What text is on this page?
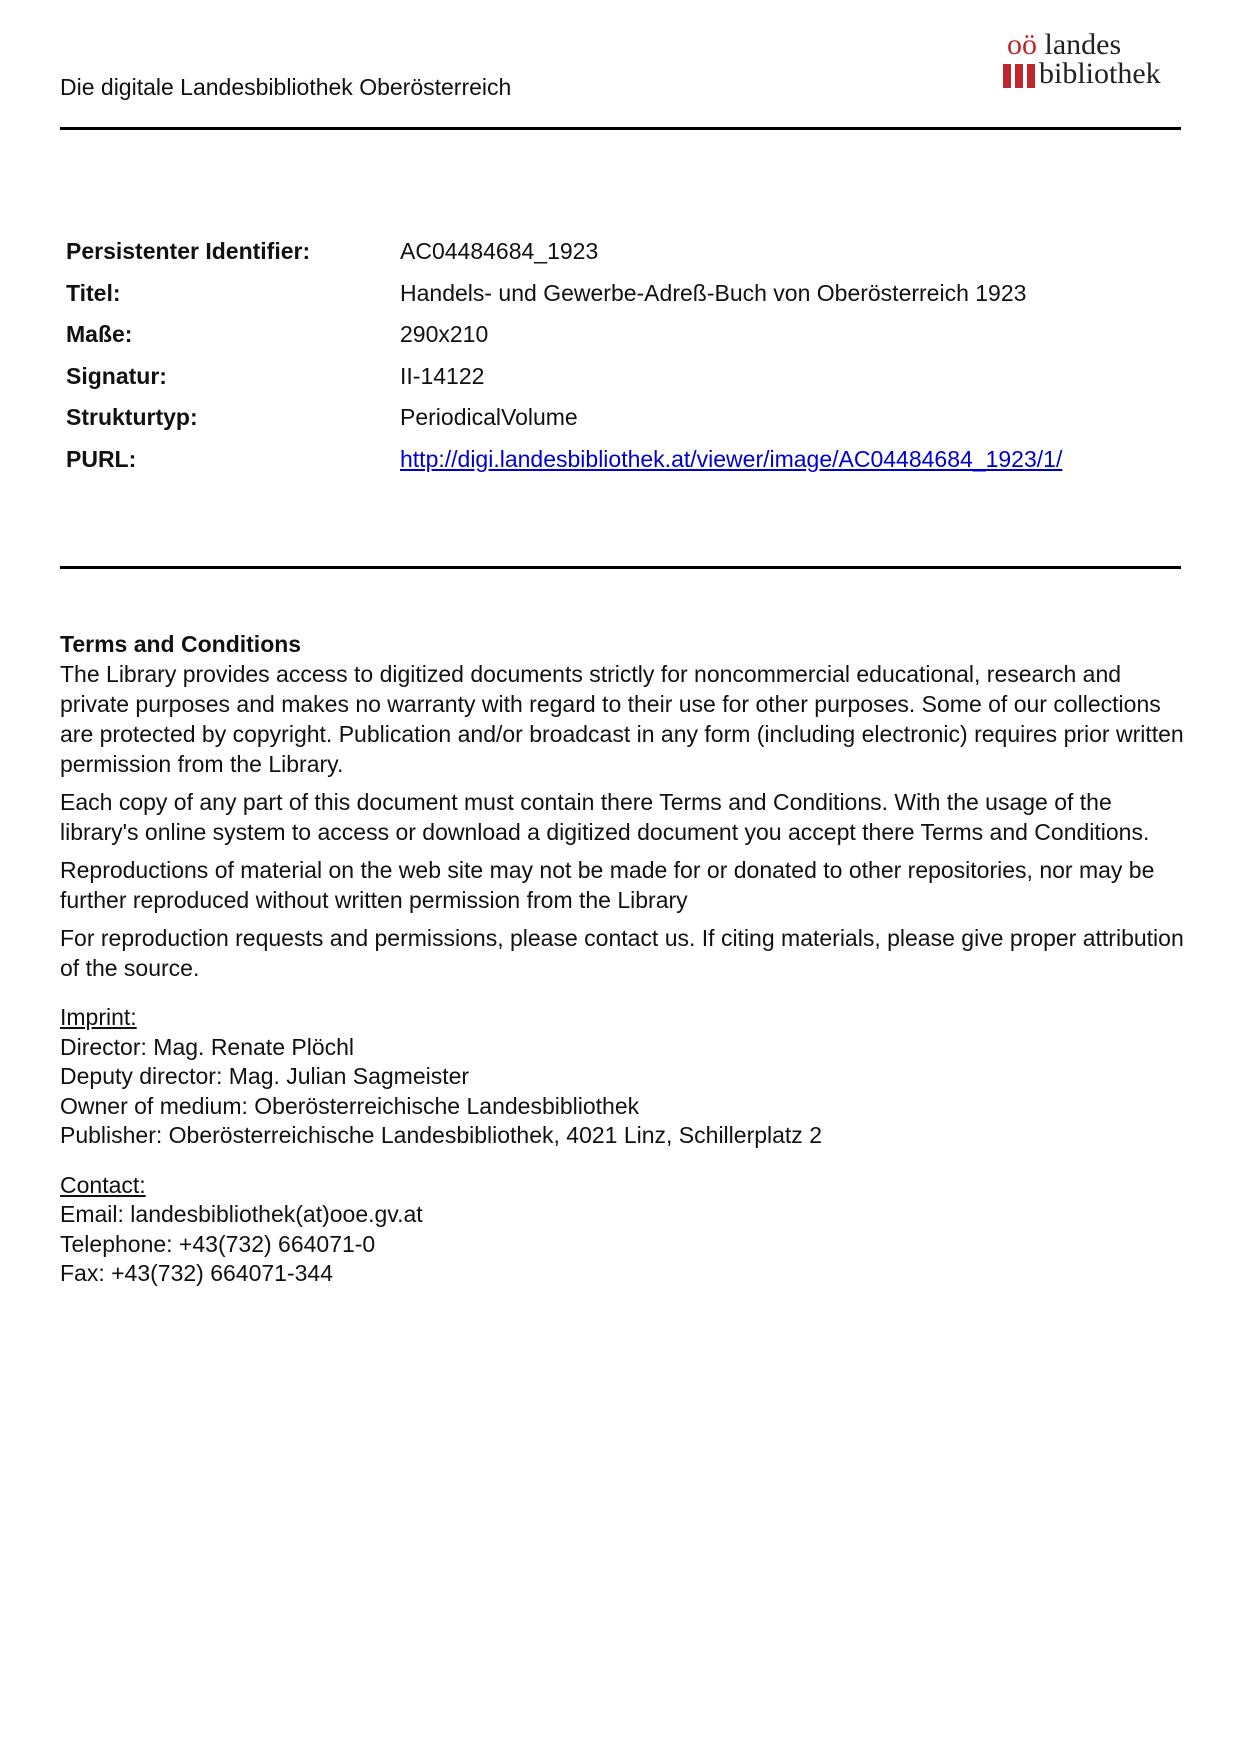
Die digitale Landesbibliothek Oberösterreich
oö landes
bibliothek
Persistenter Identifier:	AC04484684_1923
Titel:	Handels- und Gewerbe-Adreß-Buch von Oberösterreich 1923
Maße:	290x210
Signatur:	II-14122
Strukturtyp:	PeriodicalVolume
PURL:	http://digi.landesbibliothek.at/viewer/image/AC04484684_1923/1/
Terms and Conditions

The Library provides access to digitized documents strictly for noncommercial educational, research and private purposes and makes no warranty with regard to their use for other purposes. Some of our collections are protected by copyright. Publication and/or broadcast in any form (including electronic) requires prior written permission from the Library.

Each copy of any part of this document must contain there Terms and Conditions. With the usage of the library's online system to access or download a digitized document you accept there Terms and Conditions.

Reproductions of material on the web site may not be made for or donated to other repositories, nor may be further reproduced without written permission from the Library

For reproduction requests and permissions, please contact us. If citing materials, please give proper attribution of the source.

Imprint:
Director: Mag. Renate Plöchl
Deputy director: Mag. Julian Sagmeister
Owner of medium: Oberösterreichische Landesbibliothek
Publisher: Oberösterreichische Landesbibliothek, 4021 Linz, Schillerplatz 2
Contact:
Email: landesbibliothek(at)ooe.gv.at
Telephone: +43(732) 664071-0
Fax: +43(732) 664071-344
